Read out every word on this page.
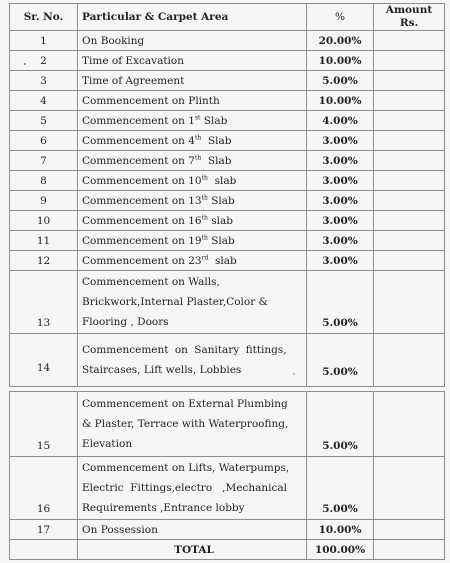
Sr. No.	Particular & Carpet Area	%	Amount
Rs.
1	On Booking	20.00%	
2	Time of Excavation	10.00%	
3	Time of Agreement	5.00%	
4	Commencement on Plinth	10.00%	
5	Commencement on 1st Slab	4.00%	
6	Commencement on 4th  Slab	3.00%	
7	Commencement on 7th  Slab	3.00%	
8	Commencement on 10th  slab	3.00%	
9	Commencement on 13th Slab	3.00%	
10	Commencement on 16th slab	3.00%	
11	Commencement on 19th Slab	3.00%	
12	Commencement on 23rd  slab	3.00%	
13	Commencement on Walls,
Brickwork,Internal Plaster,Color &
Flooring , Doors	5.00%	
14	Commencement on Sanitary fittings,
Staircases, Lift wells, Lobbies	5.00%	
15	Commencement on External Plumbing
& Plaster, Terrace with Waterproofing,
Elevation	5.00%	
16	Commencement on Lifts, Waterpumps,
Electric  Fittings,electro   ,Mechanical
Requirements ,Entrance lobby	5.00%	
17	On Possession	10.00%	
	TOTAL	100.00%	
